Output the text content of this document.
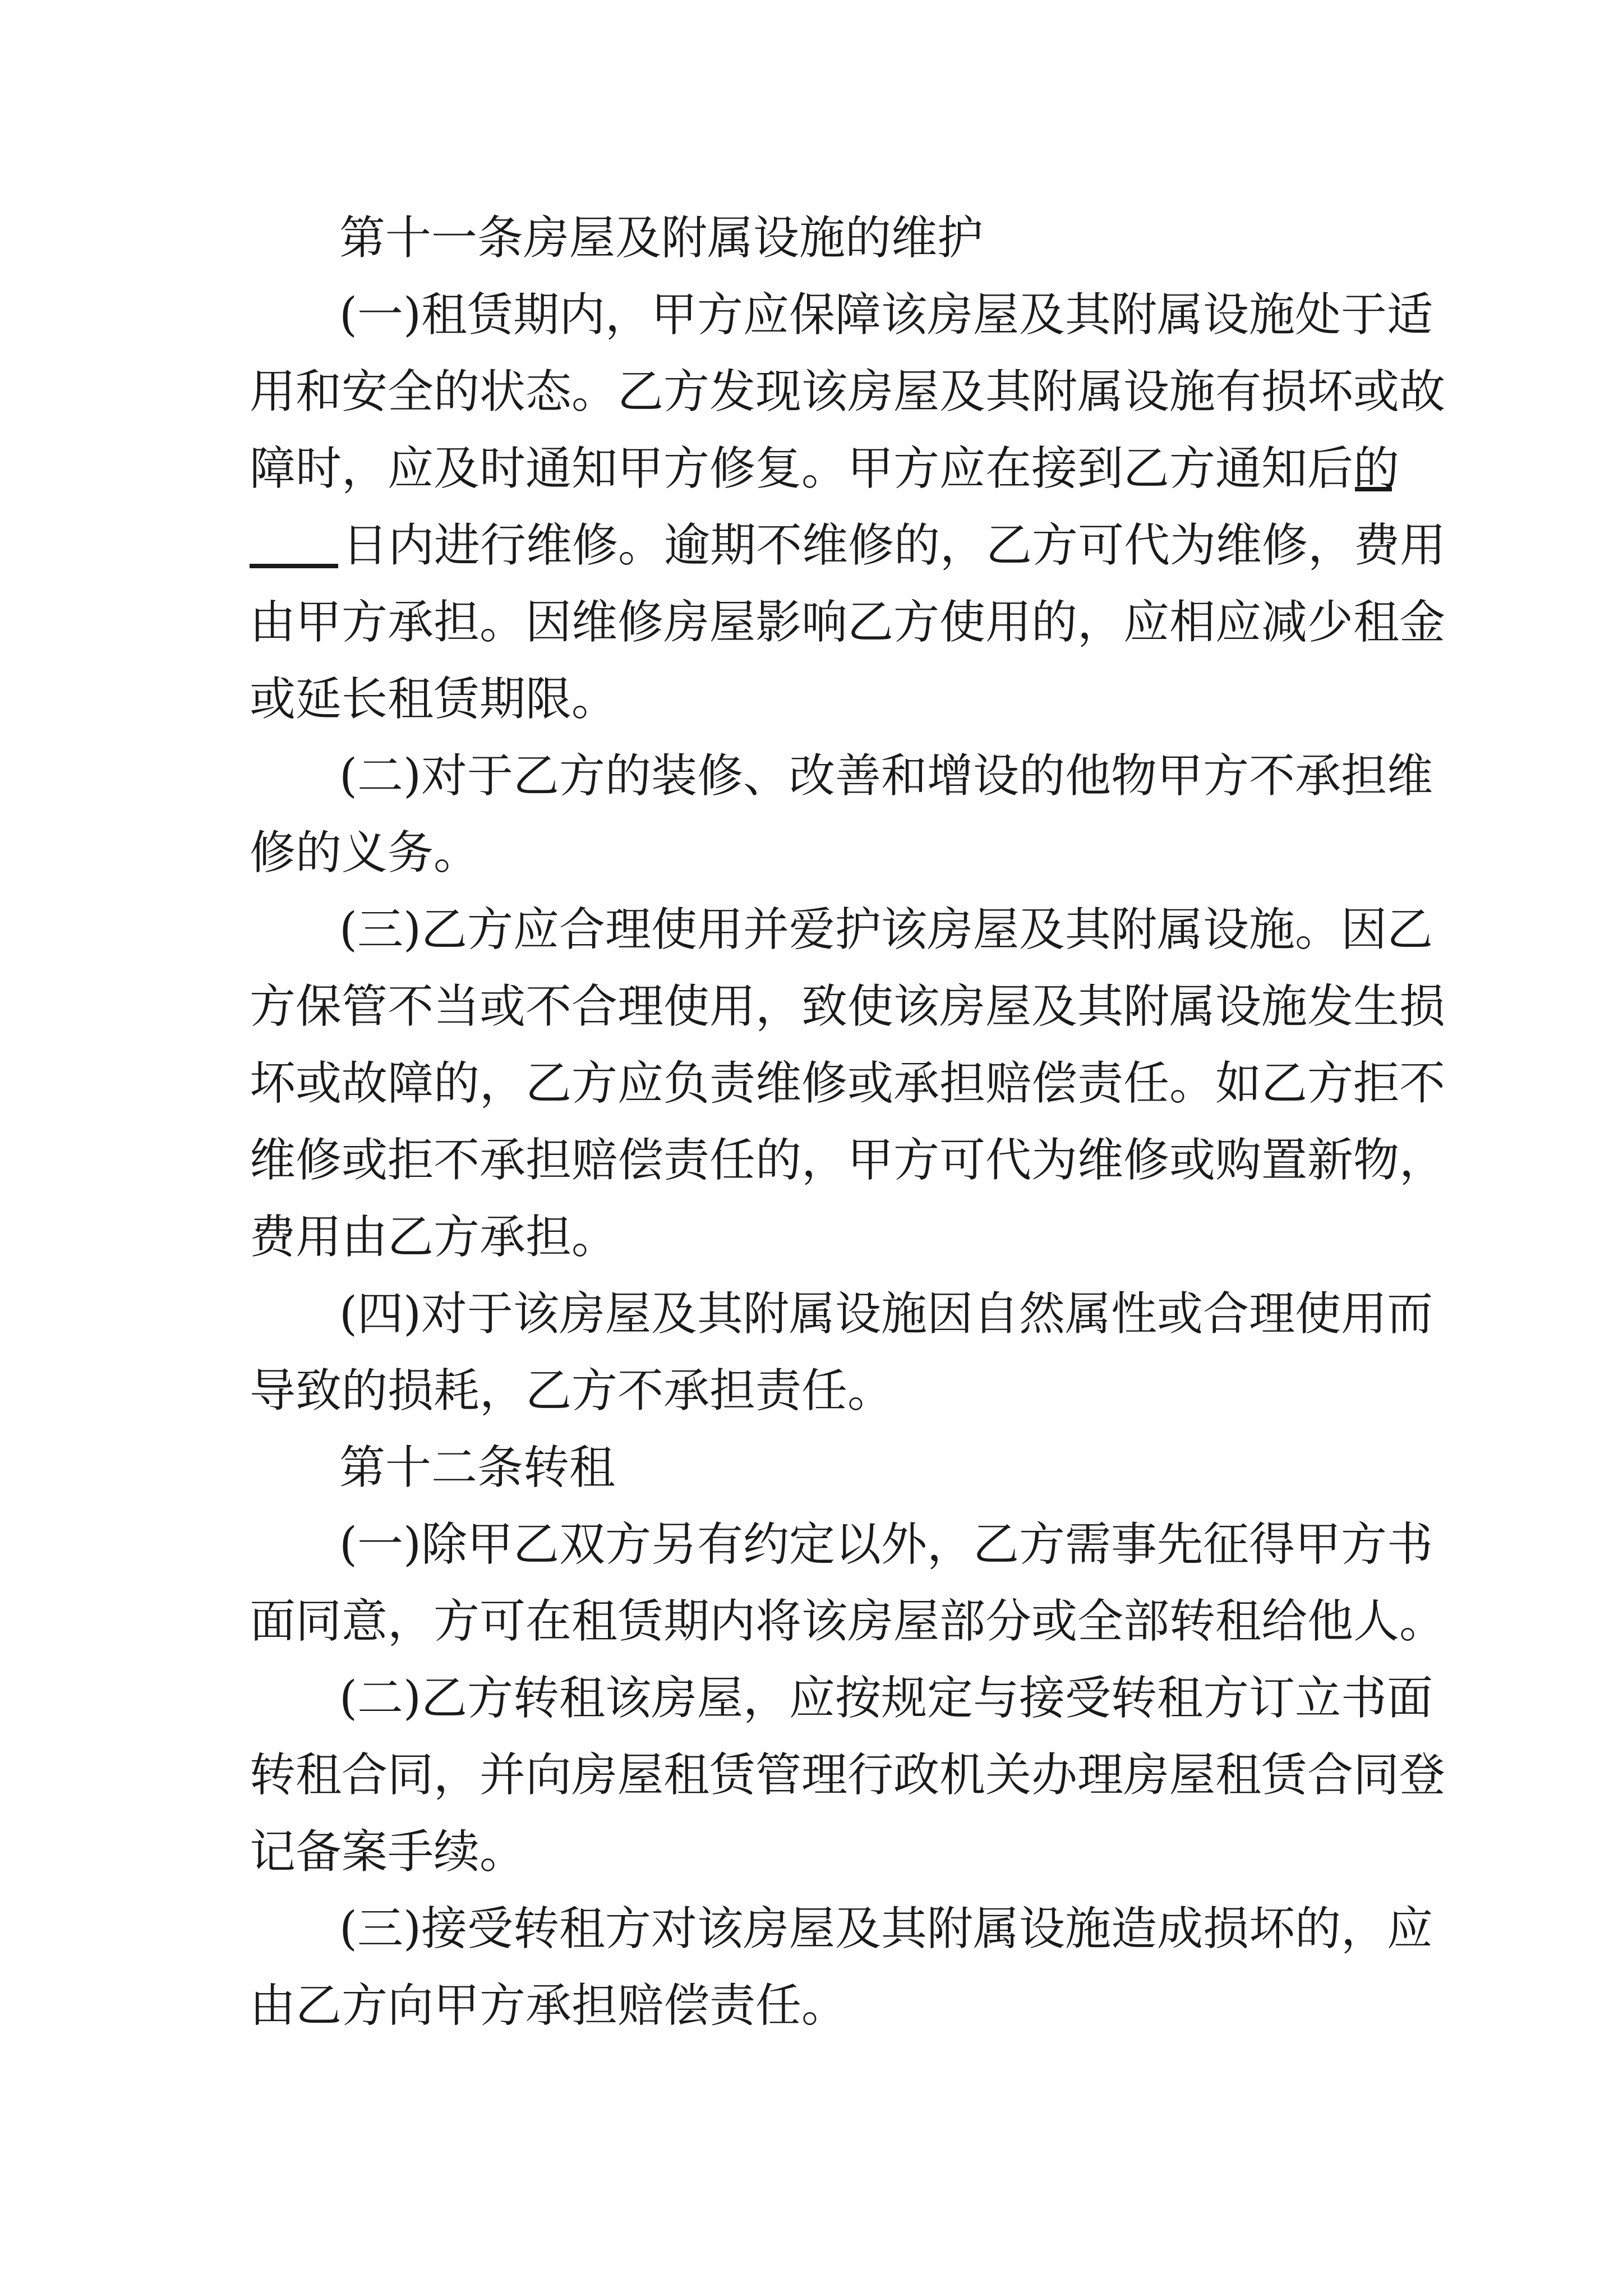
第十一条房屋及附属设施的维护
(一)租赁期内，甲方应保障该房屋及其附属设施处于适
用和安全的状态。乙方发现该房屋及其附属设施有损坏或故
障时，应及时通知甲方修复。甲方应在接到乙方通知后的
日内进行维修。逾期不维修的，乙方可代为维修，费用
由甲方承担。因维修房屋影响乙方使用的，应相应减少租金
或延长租赁期限。
(二)对于乙方的装修、改善和增设的他物甲方不承担维
修的义务。
(三)乙方应合理使用并爱护该房屋及其附属设施。因乙
方保管不当或不合理使用，致使该房屋及其附属设施发生损
坏或故障的，乙方应负责维修或承担赔偿责任。如乙方拒不
维修或拒不承担赔偿责任的，甲方可代为维修或购置新物，
费用由乙方承担。
(四)对于该房屋及其附属设施因自然属性或合理使用而
导致的损耗，乙方不承担责任。
第十二条转租
(一)除甲乙双方另有约定以外，乙方需事先征得甲方书
面同意，方可在租赁期内将该房屋部分或全部转租给他人。
(二)乙方转租该房屋，应按规定与接受转租方订立书面
转租合同，并向房屋租赁管理行政机关办理房屋租赁合同登
记备案手续。
(三)接受转租方对该房屋及其附属设施造成损坏的，应
由乙方向甲方承担赔偿责任。
